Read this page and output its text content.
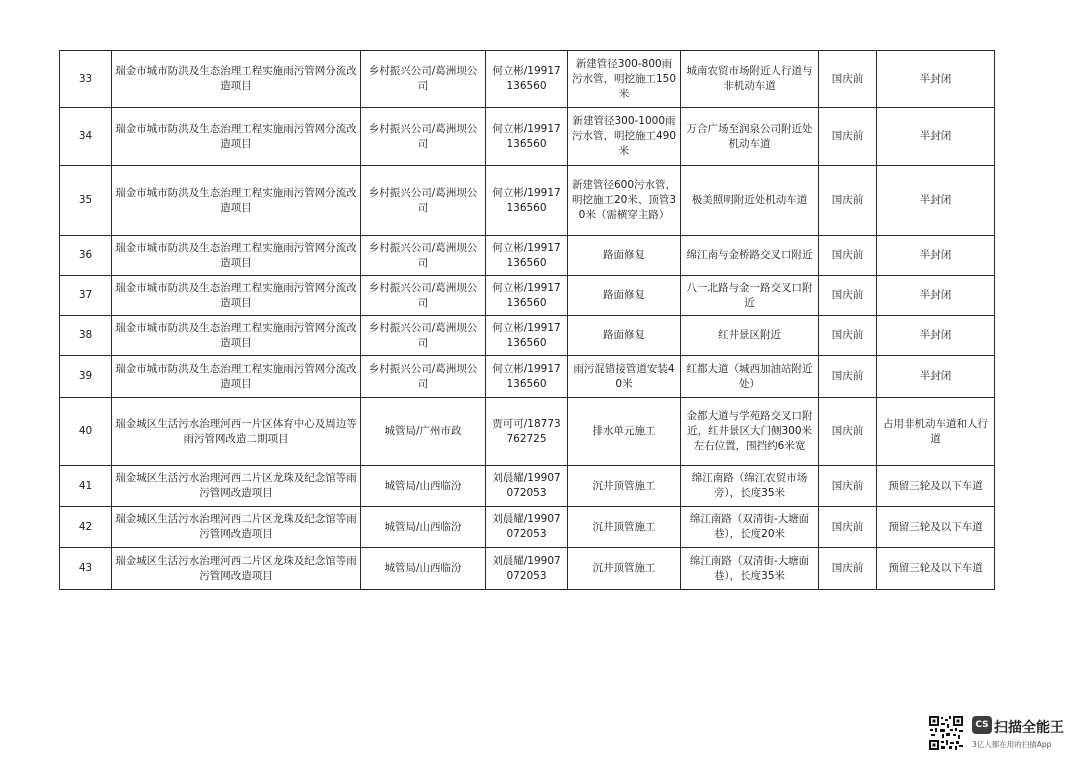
33	瑞金市城市防洪及生态治理工程实施雨污管网分流改造项目	乡村振兴公司/葛洲坝公司	何立彬/19917136560	新建管径300-800雨污水管，明挖施工150米	城南农贸市场附近人行道与非机动车道	国庆前	半封闭
34	瑞金市城市防洪及生态治理工程实施雨污管网分流改造项目	乡村振兴公司/葛洲坝公司	何立彬/19917136560	新建管径300-1000雨污水管，明挖施工490米	万合广场至润泉公司附近处机动车道	国庆前	半封闭
35	瑞金市城市防洪及生态治理工程实施雨污管网分流改造项目	乡村振兴公司/葛洲坝公司	何立彬/19917136560	新建管径600污水管，明挖施工20米、顶管30米（需横穿主路）	极美照明附近处机动车道	国庆前	半封闭
36	瑞金市城市防洪及生态治理工程实施雨污管网分流改造项目	乡村振兴公司/葛洲坝公司	何立彬/19917136560	路面修复	绵江南与金桥路交叉口附近	国庆前	半封闭
37	瑞金市城市防洪及生态治理工程实施雨污管网分流改造项目	乡村振兴公司/葛洲坝公司	何立彬/19917136560	路面修复	八一北路与金一路交叉口附近	国庆前	半封闭
38	瑞金市城市防洪及生态治理工程实施雨污管网分流改造项目	乡村振兴公司/葛洲坝公司	何立彬/19917136560	路面修复	红井景区附近	国庆前	半封闭
39	瑞金市城市防洪及生态治理工程实施雨污管网分流改造项目	乡村振兴公司/葛洲坝公司	何立彬/19917136560	雨污混错接管道安装40米	红都大道（城西加油站附近处）	国庆前	半封闭
40	瑞金城区生活污水治理河西一片区体育中心及周边等雨污管网改造二期项目	城管局/广州市政	贾可可/18773762725	排水单元施工	金都大道与学苑路交叉口附近，红井景区大门侧300米左右位置，围挡约6米宽	国庆前	占用非机动车道和人行道
41	瑞金城区生活污水治理河西二片区龙珠及纪念馆等雨污管网改造项目	城管局/山西临汾	刘晨耀/19907072053	沉井顶管施工	绵江南路（绵江农贸市场旁），长度35米	国庆前	预留三轮及以下车道
42	瑞金城区生活污水治理河西二片区龙珠及纪念馆等雨污管网改造项目	城管局/山西临汾	刘晨耀/19907072053	沉井顶管施工	绵江南路（双清街-大塘面巷），长度20米	国庆前	预留三轮及以下车道
43	瑞金城区生活污水治理河西二片区龙珠及纪念馆等雨污管网改造项目	城管局/山西临汾	刘晨耀/19907072053	沉井顶管施工	绵江南路（双清街-大塘面巷），长度35米	国庆前	预留三轮及以下车道
CS 扫描全能王
3亿人都在用的扫描App
